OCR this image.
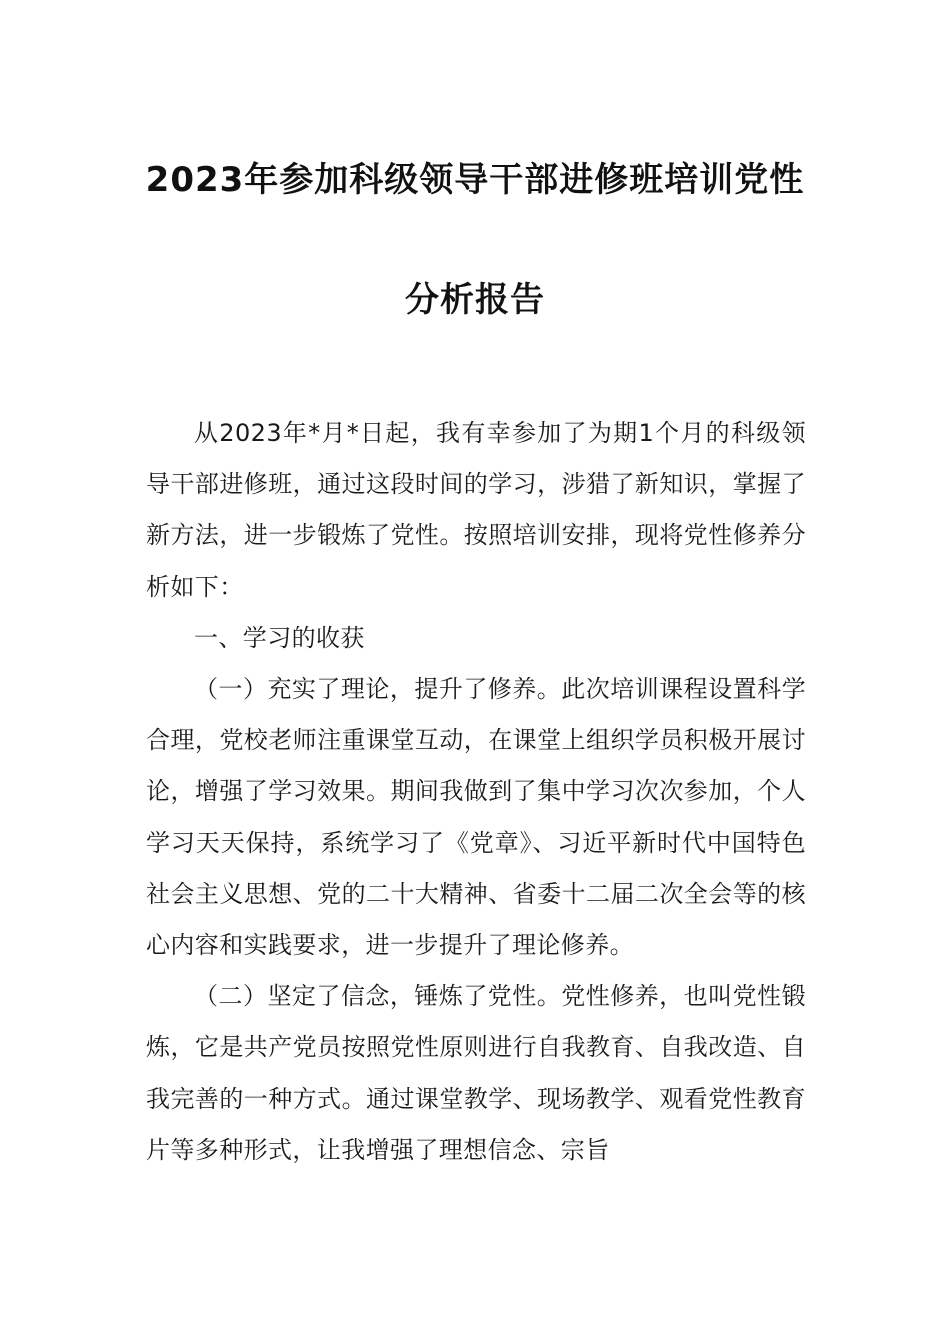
2023年参加科级领导干部进修班培训党性
分析报告

从2023年*月*日起，我有幸参加了为期1个月的科级领导干部进修班，通过这段时间的学习，涉猎了新知识，掌握了新方法，进一步锻炼了党性。按照培训安排，现将党性修养分析如下：

一、学习的收获

（一）充实了理论，提升了修养。此次培训课程设置科学合理，党校老师注重课堂互动，在课堂上组织学员积极开展讨论，增强了学习效果。期间我做到了集中学习次次参加，个人学习天天保持，系统学习了《党章》、习近平新时代中国特色社会主义思想、党的二十大精神、省委十二届二次全会等的核心内容和实践要求，进一步提升了理论修养。

（二）坚定了信念，锤炼了党性。党性修养，也叫党性锻炼，它是共产党员按照党性原则进行自我教育、自我改造、自我完善的一种方式。通过课堂教学、现场教学、观看党性教育片等多种形式，让我增强了理想信念、宗旨
